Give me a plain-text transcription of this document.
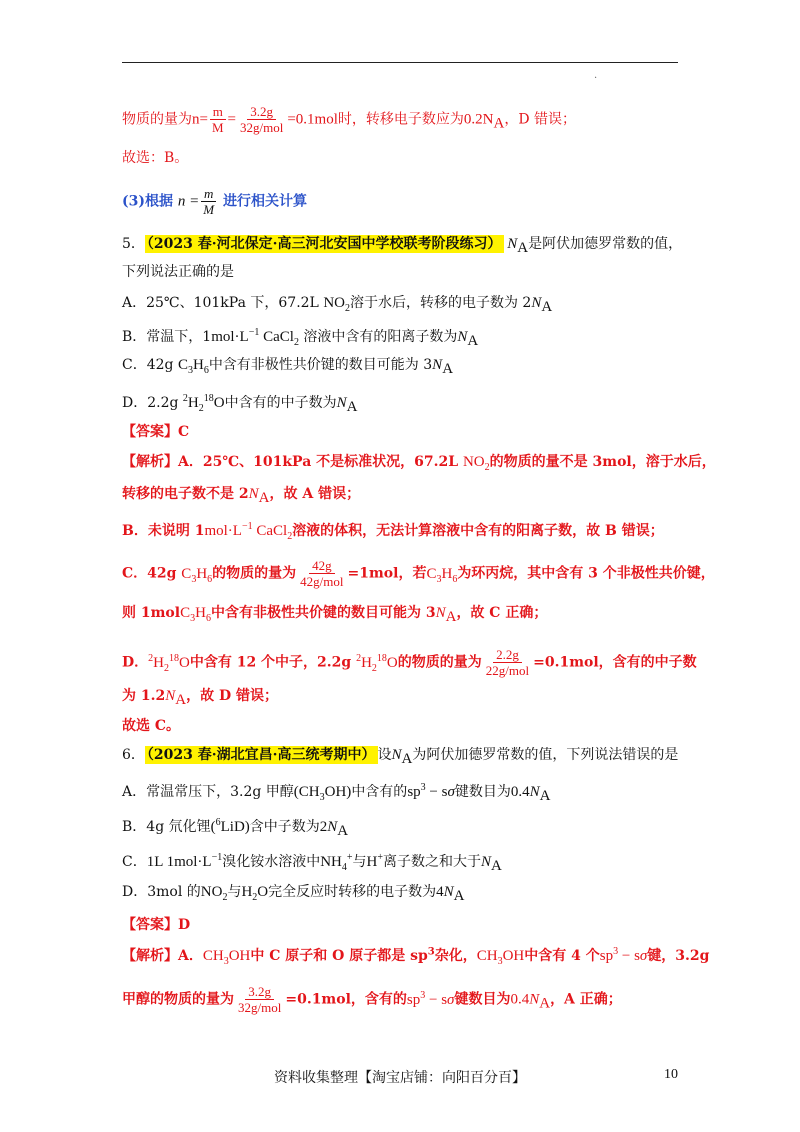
.
物质的量为$n= \frac{m}{M} = \frac{3.2g}{\text{32g/mol}} =0.1mol$时，转移电子数应为$0.2N_A$，D 错误；
故选：B。
(3)根据 $n = \frac{m}{M}$ 进行相关计算
5． （2023 春·河北保定·高三河北安国中学校联考阶段练习） $N_A$是阿伏加德罗常数的值，
下列说法正确的是
A．25℃、101kPa 下，67.2L $NO_2$溶于水后，转移的电子数为 $2N_A$
B．常温下，$1mol\cdot L^{-1}$ CaCl$_2$ 溶液中含有的阳离子数为$N_A$
C．42g $C_3H_6$中含有非极性共价键的数目可能为 $3N_A$
D．2.2g $^2H_2^{18}O$中含有的中子数为$N_A$
【答案】C
【解析】A．25℃、101kPa 不是标准状况，67.2L $NO_2$的物质的量不是 3mol，溶于水后，
转移的电子数不是 $2N_A$，故 A 错误；
B．未说明 $1mol\cdot L^{-1}$ CaCl$_2$溶液的体积，无法计算溶液中含有的阳离子数，故 B 错误；
C．42g $C_3H_6$的物质的量为 $\frac{42g}{\text{42g/mol}} =1mol$，若$C_3H_6$为环丙烷，其中含有 3 个非极性共价键，
则 $1molC_3H_6$中含有非极性共价键的数目可能为 $3N_A$，故 C 正确；
D．$^2H_2^{18}O$中含有 12 个中子，2.2g $^2H_2^{18}O$的物质的量为 $\frac{2.2g}{\text{22g/mol}} =0.1mol$，含有的中子数
为 $1.2N_A$，故 D 错误；
故选 C。
6． （2023 春·湖北宜昌·高三统考期中） 设$N_A$为阿伏加德罗常数的值，下列说法错误的是
A．常温常压下，3.2g 甲醇$(CH_3OH)$中含有的$sp^3 - s\sigma$键数目为$0.4N_A$
B．4g 氘化锂($^6$LiD)含中子数为$2N_A$
C．1L $1mol\cdot L^{-1}$溴化铵水溶液中$NH_4^+$与H+离子数之和大于$N_A$
D．3mol 的$NO_2$与$H_2O$完全反应时转移的电子数为$4N_A$
【答案】D
【解析】A．$CH_3OH$中 C 原子和 O 原子都是 $sp^3$杂化，$CH_3OH$中含有 4 个$sp^3 - s\sigma$键，3.2g
甲醇的物质的量为 $\frac{3.2g}{\text{32g/mol}} =0.1mol$，含有的$sp^3 - s\sigma$键数目为$0.4N_A$，A 正确；
资料收集整理【淘宝店铺：向阳百分百】	10
